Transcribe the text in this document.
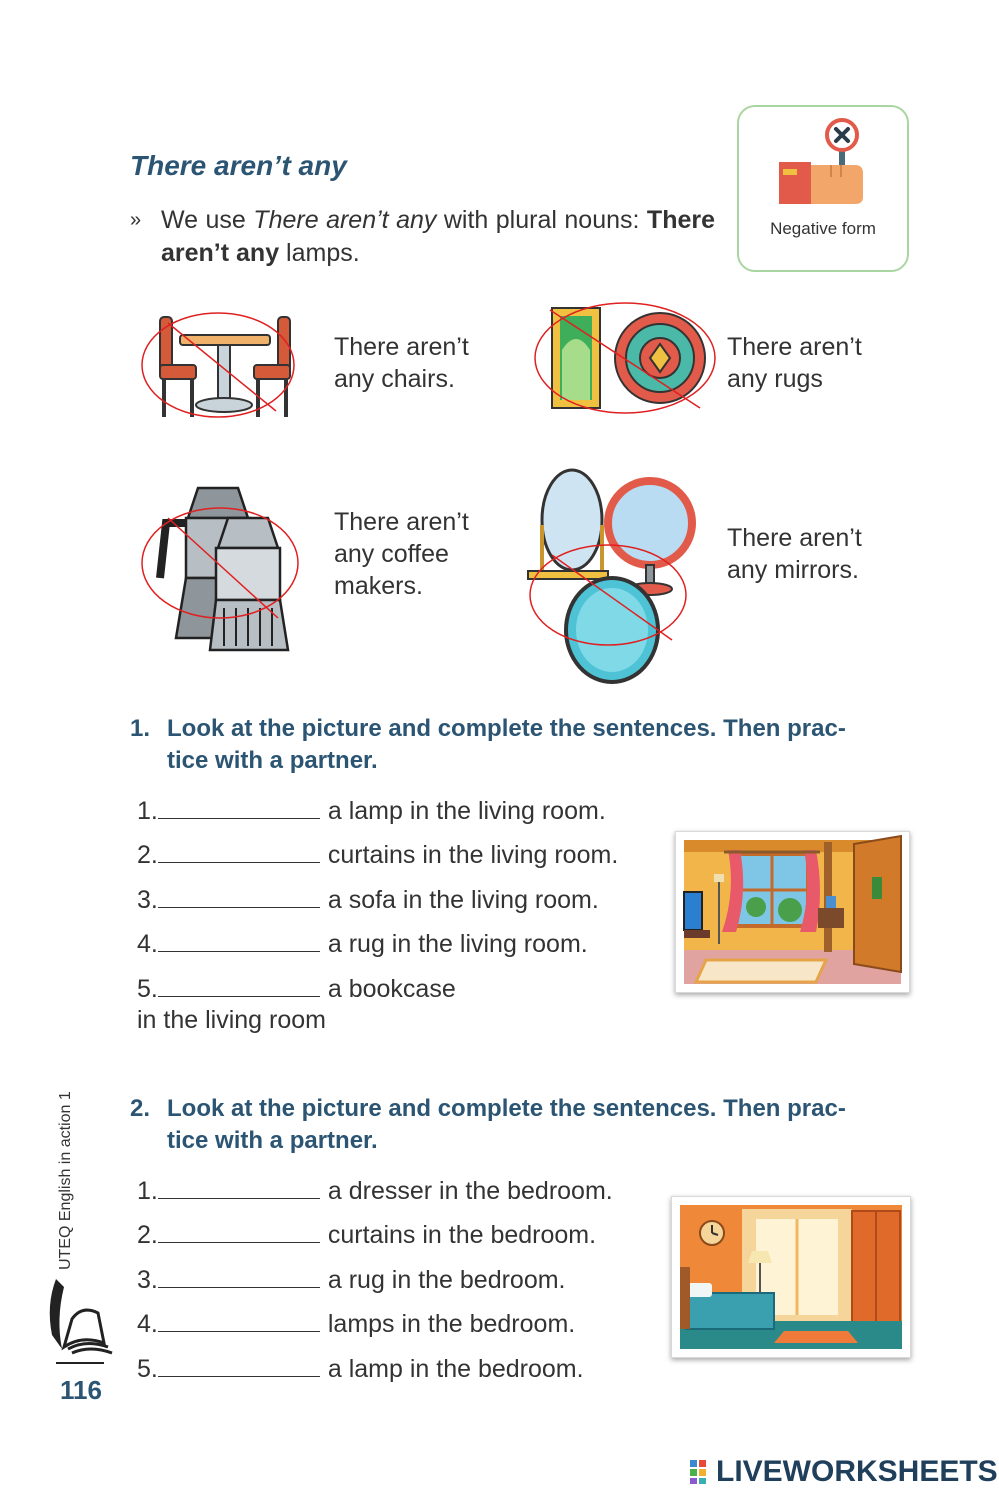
There aren’t any
» We use There aren’t any with plural nouns: There aren’t any lamps.
Negative form
There aren’t
any chairs.
There aren’t
any rugs
There aren’t
any coffee
makers.
There aren’t
any mirrors.
1. Look at the picture and complete the sentences. Then prac-
tice with a partner.
1.	a lamp in the living room.
2.	curtains in the living room.
3.	a sofa in the living room.
4.	a rug in the living room.
5.	a bookcase
in the living room
2. Look at the picture and complete the sentences. Then prac-
tice with a partner.
1.	a dresser in the bedroom.
2.	curtains in the bedroom.
3.	a rug in the bedroom.
4.	lamps in the bedroom.
5.	a lamp in the bedroom.
UTEQ English in action 1
116
LIVEWORKSHEETS
